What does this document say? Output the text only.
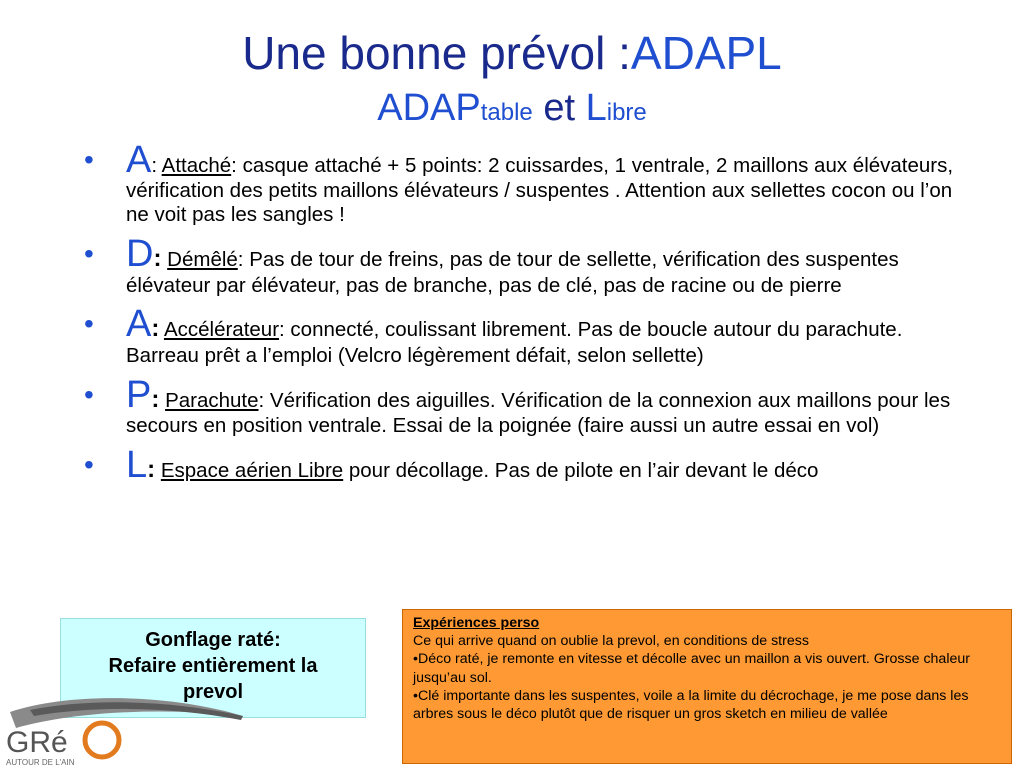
Une bonne prévol :ADAPL
ADAPtable et Libre
• A: Attaché: casque attaché + 5 points: 2 cuissardes, 1 ventrale, 2 maillons aux élévateurs, vérification des petits maillons élévateurs / suspentes . Attention aux sellettes cocon ou l’on ne voit pas les sangles !
• D: Démêlé: Pas de tour de freins, pas de tour de sellette, vérification des suspentes élévateur par élévateur, pas de branche, pas de clé, pas de racine ou de pierre
• A: Accélérateur: connecté, coulissant librement. Pas de boucle autour du parachute. Barreau prêt a l’emploi (Velcro légèrement défait, selon sellette)
• P: Parachute: Vérification des aiguilles. Vérification de la connexion aux maillons pour les secours en position ventrale. Essai de la poignée (faire aussi un autre essai en vol)
• L: Espace aérien Libre pour décollage. Pas de pilote en l’air devant le déco
Gonflage raté:
Refaire entièrement la
prevol
Expériences perso
Ce qui arrive quand on oublie la prevol, en conditions de stress
•Déco raté, je remonte en vitesse et décolle avec un maillon a vis ouvert. Grosse chaleur jusqu’au sol.
•Clé importante dans les suspentes, voile a la limite du décrochage, je me pose dans les arbres sous le déco plutôt que de risquer un gros sketch en milieu de vallée
GRé
AUTOUR DE L'AIN
